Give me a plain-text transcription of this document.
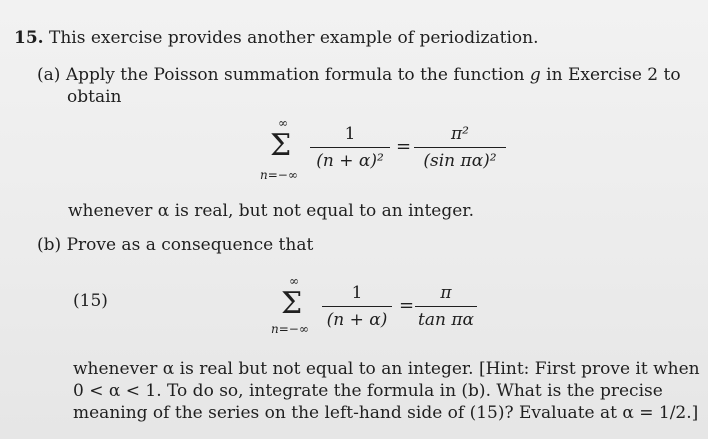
15. This exercise provides another example of periodization.
(a) Apply the Poisson summation formula to the function g in Exercise 2 to
obtain
∞
Σ
n=−∞
1
(n + α)²
=
π²
(sin πα)²
whenever α is real, but not equal to an integer.
(b) Prove as a consequence that
(15)
∞
Σ
n=−∞
1
(n + α)
=
π
tan πα
whenever α is real but not equal to an integer. [Hint: First prove it when
0 < α < 1. To do so, integrate the formula in (b). What is the precise
meaning of the series on the left-hand side of (15)? Evaluate at α = 1/2.]
